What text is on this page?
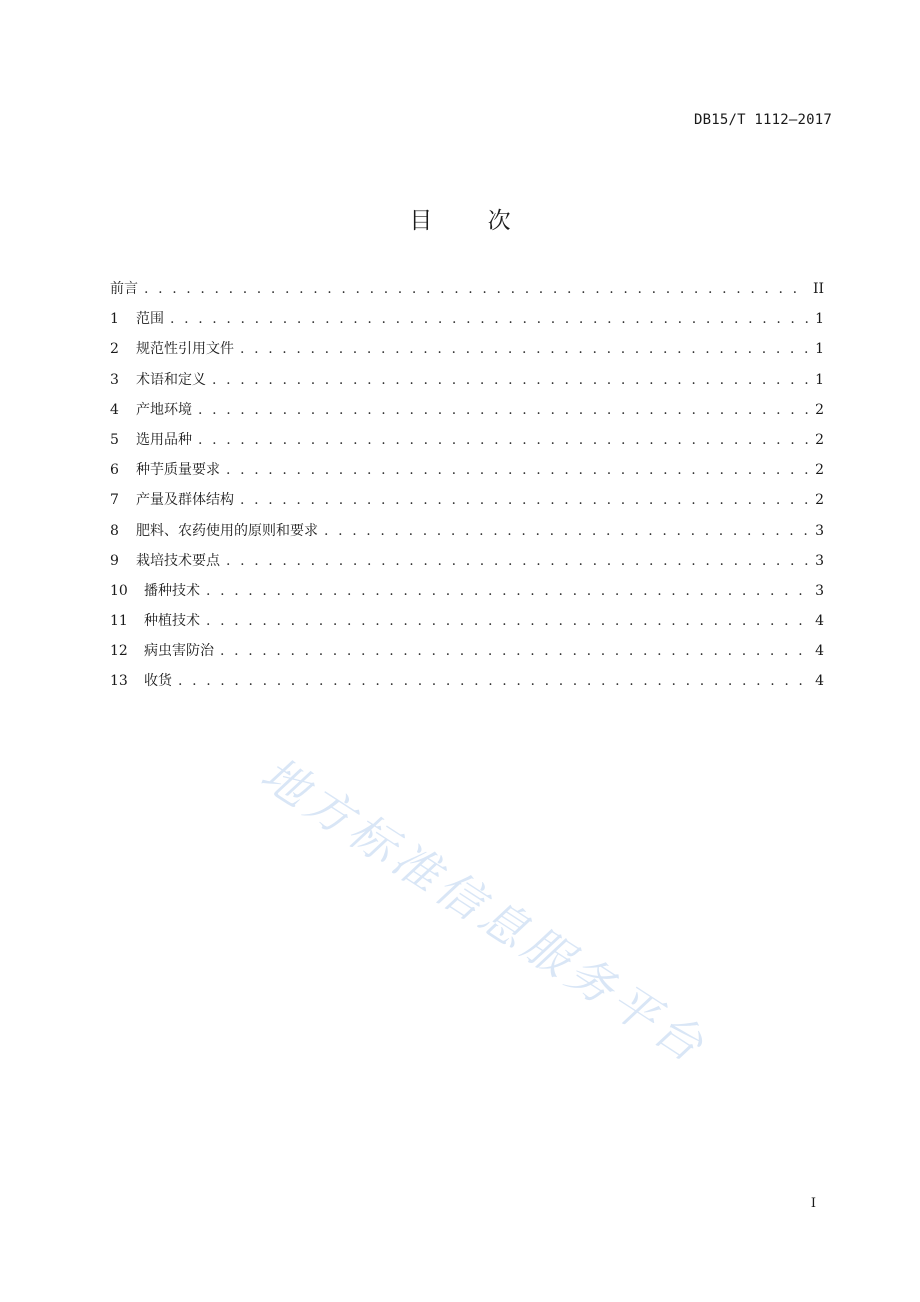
DB15/T 1112—2017
目 次
前言 . . .	II
1	范围 . . .	1
2	规范性引用文件 . . .	1
3	术语和定义 . . .	1
4	产地环境 . . .	2
5	选用品种 . . .	2
6	种芋质量要求 . . .	2
7	产量及群体结构 . . .	2
8	肥料、农药使用的原则和要求 . . .	3
9	栽培技术要点 . . .	3
10	播种技术 . . .	3
11	种植技术 . . .	4
12	病虫害防治 . . .	4
13	收货 . . .	4
地方标准信息服务平台
I
